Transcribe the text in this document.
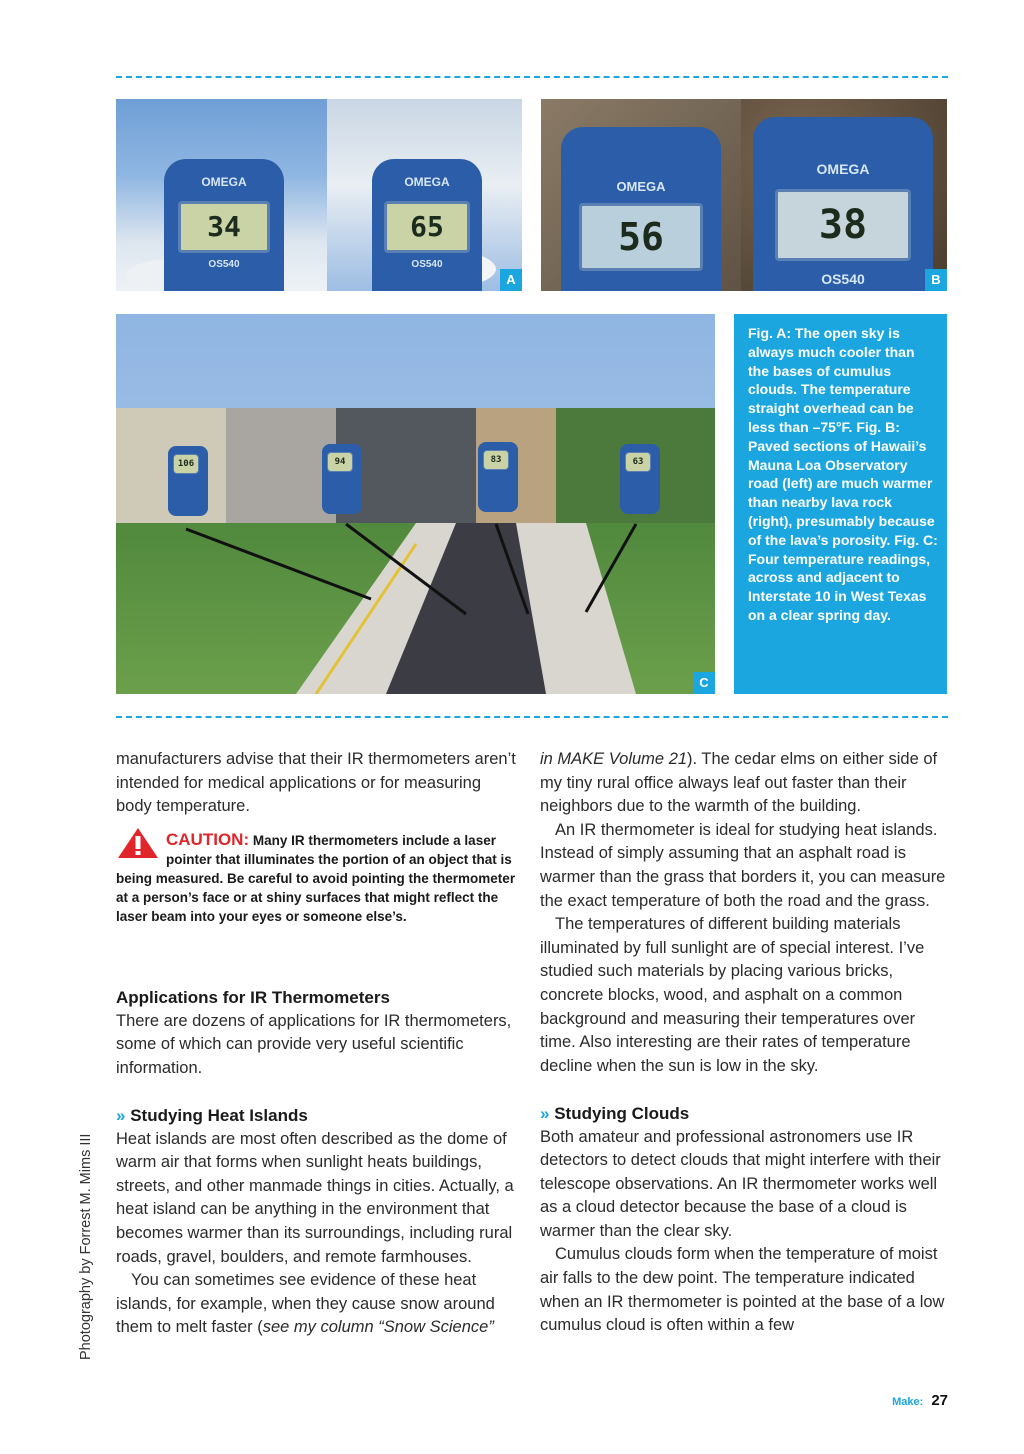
OMEGA
34
OS540
OMEGA
65
OS540
A
OMEGA
56
OMEGA
38
OS540	B
106	94	83	63
C

Fig. A: The open sky is always much cooler than the bases of cumulus clouds. The temperature straight overhead can be less than –75°F. Fig. B: Paved sections of Hawaii’s Mauna Loa Observatory road (left) are much warmer than nearby lava rock (right), presumably because of the lava’s porosity. Fig. C: Four temperature readings, across and adjacent to Interstate 10 in West Texas on a clear spring day.

manufacturers advise that their IR thermometers aren’t intended for medical applications or for measuring body temperature.

CAUTION: Many IR thermometers include a laser pointer that illuminates the portion of an object that is being measured. Be careful to avoid pointing the thermometer at a person’s face or at shiny surfaces that might reflect the laser beam into your eyes or someone else’s.
Applications for IR Thermometers

There are dozens of applications for IR thermometers, some of which can provide very useful scientific information.

» Studying Heat Islands

Heat islands are most often described as the dome of warm air that forms when sunlight heats buildings, streets, and other manmade things in cities. Actually, a heat island can be anything in the environment that becomes warmer than its surroundings, including rural roads, gravel, boulders, and remote farmhouses.

You can sometimes see evidence of these heat islands, for example, when they cause snow around them to melt faster (see my column “Snow Science”

in MAKE Volume 21). The cedar elms on either side of my tiny rural office always leaf out faster than their neighbors due to the warmth of the building.

An IR thermometer is ideal for studying heat islands. Instead of simply assuming that an asphalt road is warmer than the grass that borders it, you can measure the exact temperature of both the road and the grass.

The temperatures of different building materials illuminated by full sunlight are of special interest. I’ve studied such materials by placing various bricks, concrete blocks, wood, and asphalt on a common background and measuring their temperatures over time. Also interesting are their rates of temperature decline when the sun is low in the sky.

» Studying Clouds

Both amateur and professional astronomers use IR detectors to detect clouds that might interfere with their telescope observations. An IR thermometer works well as a cloud detector because the base of a cloud is warmer than the clear sky.

Cumulus clouds form when the temperature of moist air falls to the dew point. The temperature indicated when an IR thermometer is pointed at the base of a low cumulus cloud is often within a few

Photography by Forrest M. Mims III
Make: 27
